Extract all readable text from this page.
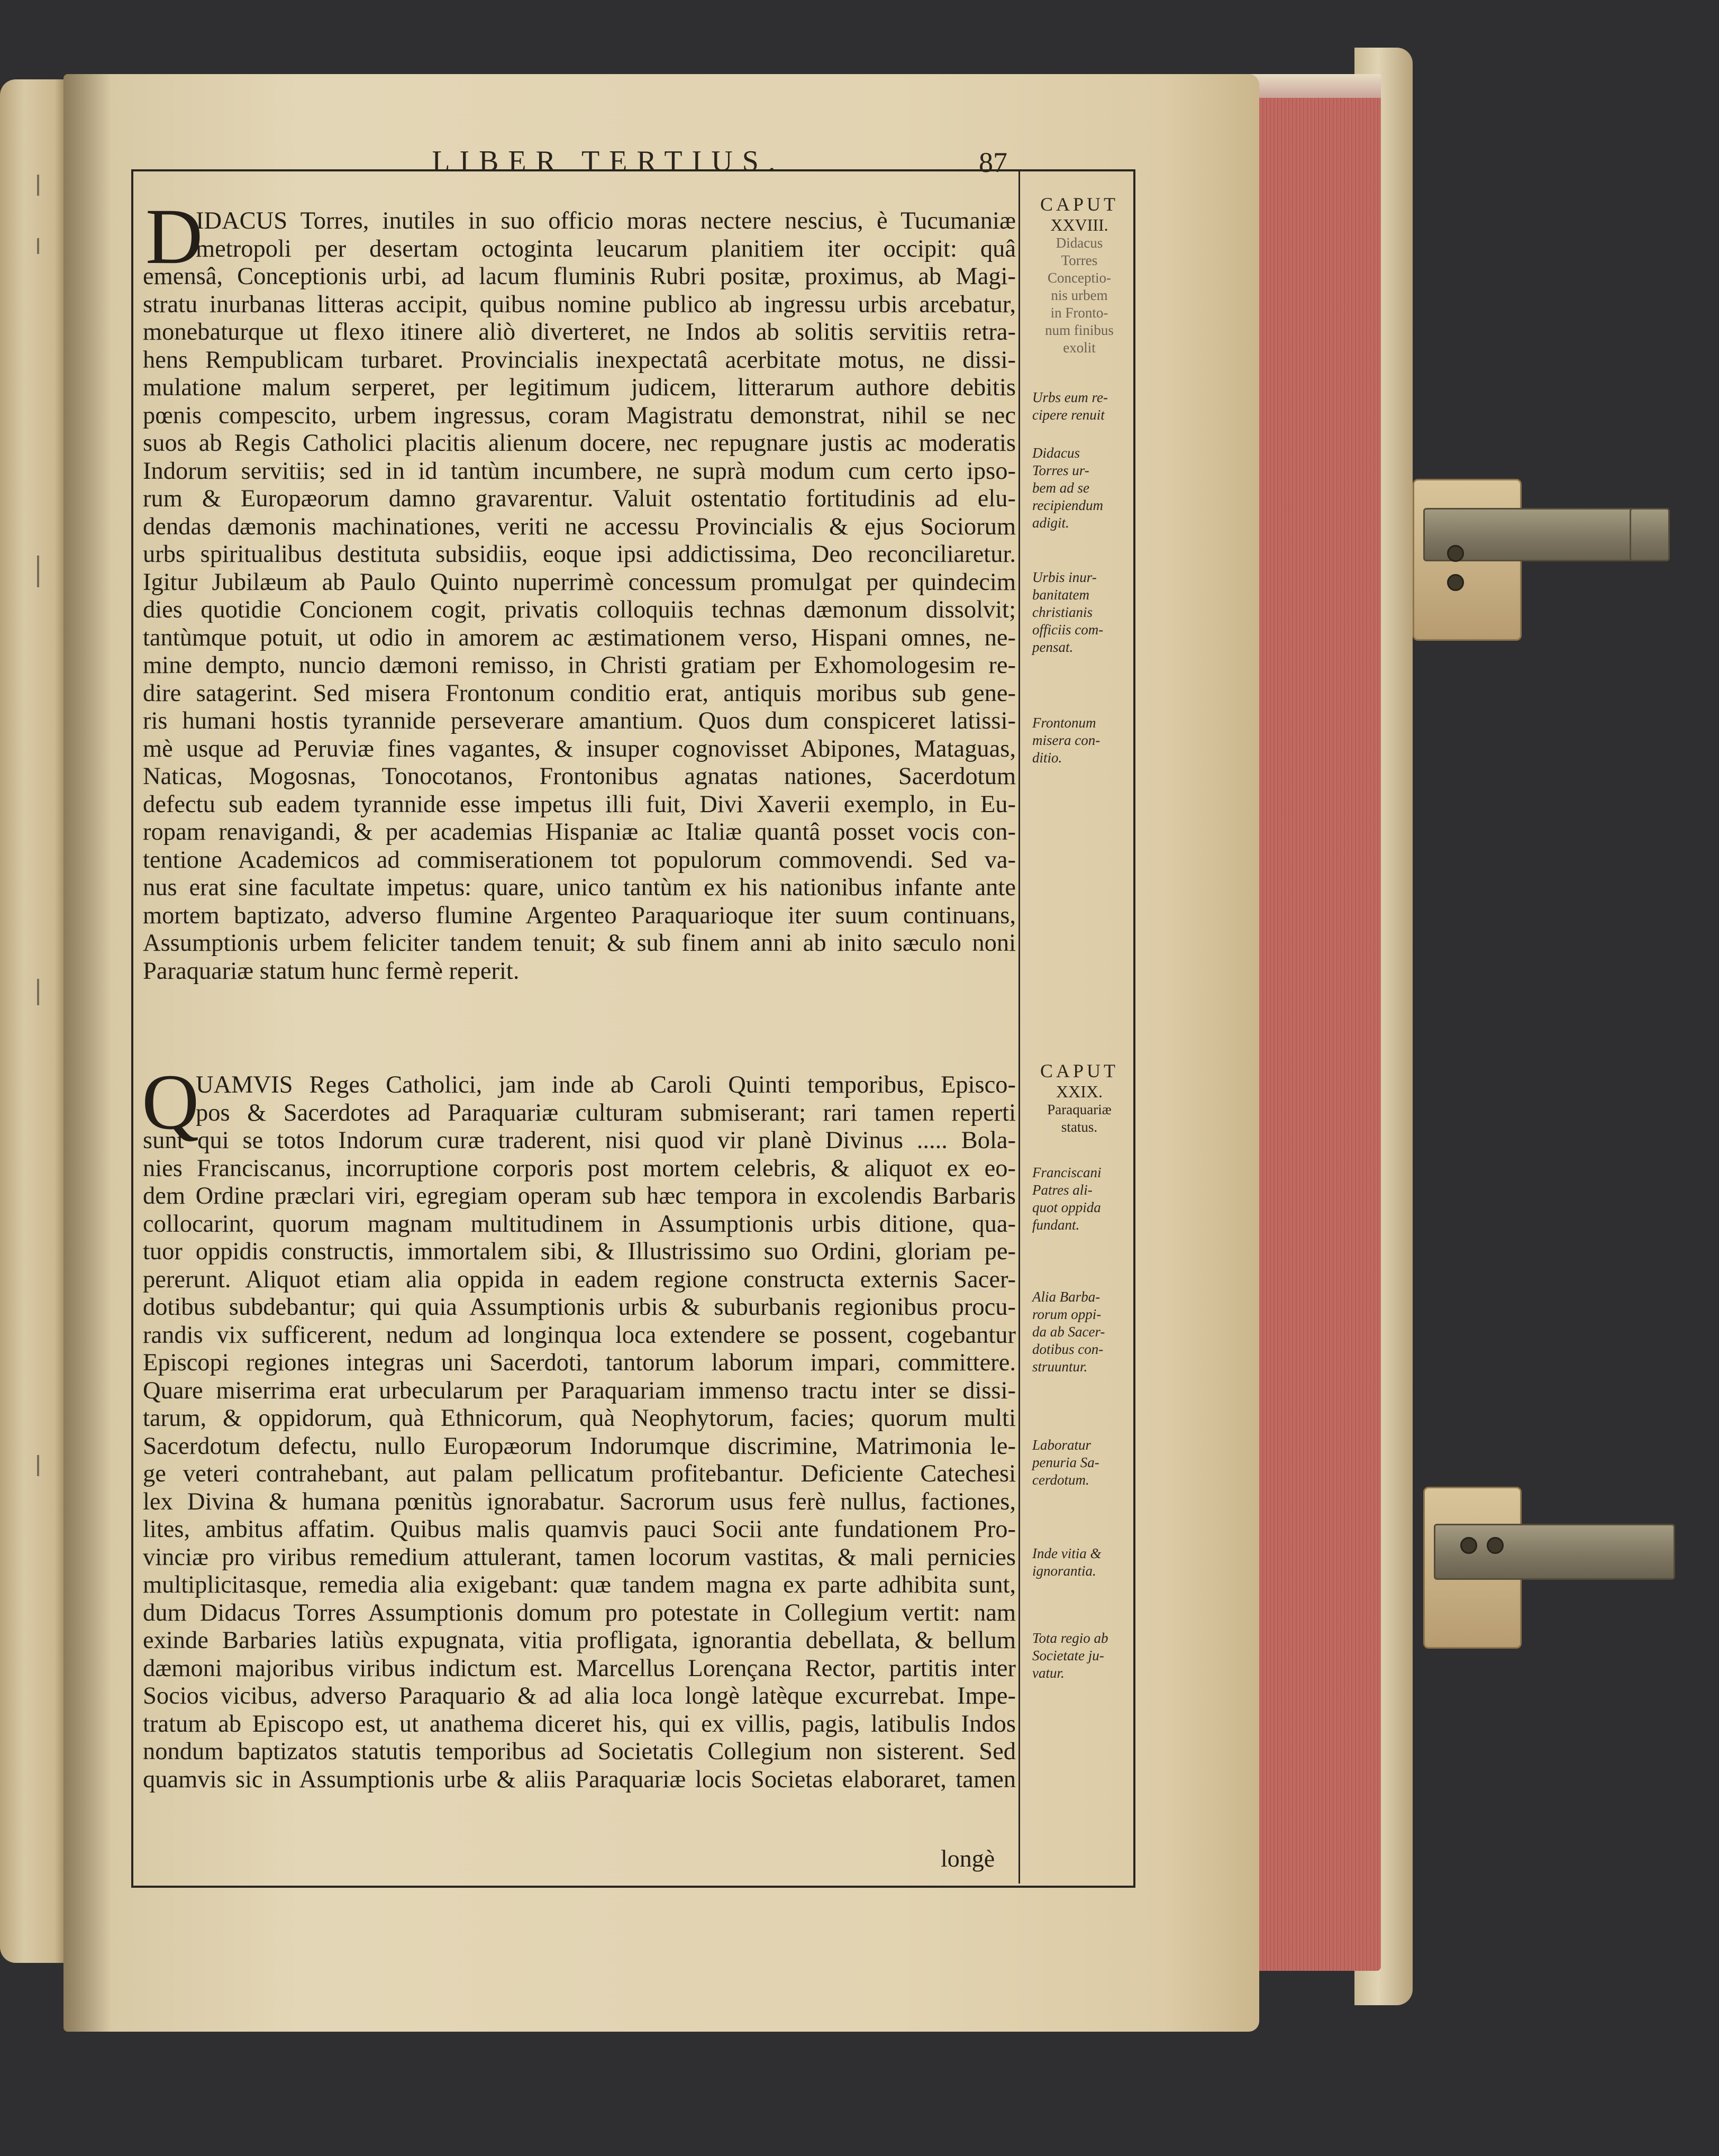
LIBER TERTIUS.	87
D
IDACUS Torres, inutiles in suo officio moras nectere nescius, è Tucumaniæ
metropoli per desertam octoginta leucarum planitiem iter occipit: quâ
emensâ, Conceptionis urbi, ad lacum fluminis Rubri positæ, proximus, ab Magi-
stratu inurbanas litteras accipit, quibus nomine publico ab ingressu urbis arcebatur,
monebaturque ut flexo itinere aliò diverteret, ne Indos ab solitis servitiis retra-
hens Rempublicam turbaret. Provincialis inexpectatâ acerbitate motus, ne dissi-
mulatione malum serperet, per legitimum judicem, litterarum authore debitis
pœnis compescito, urbem ingressus, coram Magistratu demonstrat, nihil se nec
suos ab Regis Catholici placitis alienum docere, nec repugnare justis ac moderatis
Indorum servitiis; sed in id tantùm incumbere, ne suprà modum cum certo ipso-
rum & Europæorum damno gravarentur. Valuit ostentatio fortitudinis ad elu-
dendas dæmonis machinationes, veriti ne accessu Provincialis & ejus Sociorum
urbs spiritualibus destituta subsidiis, eoque ipsi addictissima, Deo reconciliaretur.
Igitur Jubilæum ab Paulo Quinto nuperrimè concessum promulgat per quindecim
dies quotidie Concionem cogit, privatis colloquiis technas dæmonum dissolvit;
tantùmque potuit, ut odio in amorem ac æstimationem verso, Hispani omnes, ne-
mine dempto, nuncio dæmoni remisso, in Christi gratiam per Exhomologesim re-
dire satagerint. Sed misera Frontonum conditio erat, antiquis moribus sub gene-
ris humani hostis tyrannide perseverare amantium. Quos dum conspiceret latissi-
mè usque ad Peruviæ fines vagantes, & insuper cognovisset Abipones, Mataguas,
Naticas, Mogosnas, Tonocotanos, Frontonibus agnatas nationes, Sacerdotum
defectu sub eadem tyrannide esse impetus illi fuit, Divi Xaverii exemplo, in Eu-
ropam renavigandi, & per academias Hispaniæ ac Italiæ quantâ posset vocis con-
tentione Academicos ad commiserationem tot populorum commovendi. Sed va-
nus erat sine facultate impetus: quare, unico tantùm ex his nationibus infante ante
mortem baptizato, adverso flumine Argenteo Paraquarioque iter suum continuans,
Assumptionis urbem feliciter tandem tenuit; & sub finem anni ab inito sæculo noni
Paraquariæ statum hunc fermè reperit.
Q
UAMVIS Reges Catholici, jam inde ab Caroli Quinti temporibus, Episco-
pos & Sacerdotes ad Paraquariæ culturam submiserant; rari tamen reperti
sunt qui se totos Indorum curæ traderent, nisi quod vir planè Divinus ..... Bola-
nies Franciscanus, incorruptione corporis post mortem celebris, & aliquot ex eo-
dem Ordine præclari viri, egregiam operam sub hæc tempora in excolendis Barbaris
collocarint, quorum magnam multitudinem in Assumptionis urbis ditione, qua-
tuor oppidis constructis, immortalem sibi, & Illustrissimo suo Ordini, gloriam pe-
pererunt. Aliquot etiam alia oppida in eadem regione constructa externis Sacer-
dotibus subdebantur; qui quia Assumptionis urbis & suburbanis regionibus procu-
randis vix sufficerent, nedum ad longinqua loca extendere se possent, cogebantur
Episcopi regiones integras uni Sacerdoti, tantorum laborum impari, committere.
Quare miserrima erat urbecularum per Paraquariam immenso tractu inter se dissi-
tarum, & oppidorum, quà Ethnicorum, quà Neophytorum, facies; quorum multi
Sacerdotum defectu, nullo Europæorum Indorumque discrimine, Matrimonia le-
ge veteri contrahebant, aut palam pellicatum profitebantur. Deficiente Catechesi
lex Divina & humana pœnitùs ignorabatur. Sacrorum usus ferè nullus, factiones,
lites, ambitus affatim. Quibus malis quamvis pauci Socii ante fundationem Pro-
vinciæ pro viribus remedium attulerant, tamen locorum vastitas, & mali pernicies
multiplicitasque, remedia alia exigebant: quæ tandem magna ex parte adhibita sunt,
dum Didacus Torres Assumptionis domum pro potestate in Collegium vertit: nam
exinde Barbaries latiùs expugnata, vitia profligata, ignorantia debellata, & bellum
dæmoni majoribus viribus indictum est. Marcellus Lorençana Rector, partitis inter
Socios vicibus, adverso Paraquario & ad alia loca longè latèque excurrebat. Impe-
tratum ab Episcopo est, ut anathema diceret his, qui ex villis, pagis, latibulis Indos
nondum baptizatos statutis temporibus ad Societatis Collegium non sisterent. Sed
quamvis sic in Assumptionis urbe & aliis Paraquariæ locis Societas elaboraret, tamen
longè
CAPUT
XXVIII.
Didacus
Torres
Conceptio-
nis urbem
in Fronto-
num finibus
exolit
Urbs eum re-
cipere renuit
Didacus
Torres ur-
bem ad se
recipiendum
adigit.
Urbis inur-
banitatem
christianis
officiis com-
pensat.
Frontonum
misera con-
ditio.
CAPUT
XXIX.
Paraquariæ
status.
Franciscani
Patres ali-
quot oppida
fundant.
Alia Barba-
rorum oppi-
da ab Sacer-
dotibus con-
struuntur.
Laboratur
penuria Sa-
cerdotum.
Inde vitia &
ignorantia.
Tota regio ab
Societate ju-
vatur.
